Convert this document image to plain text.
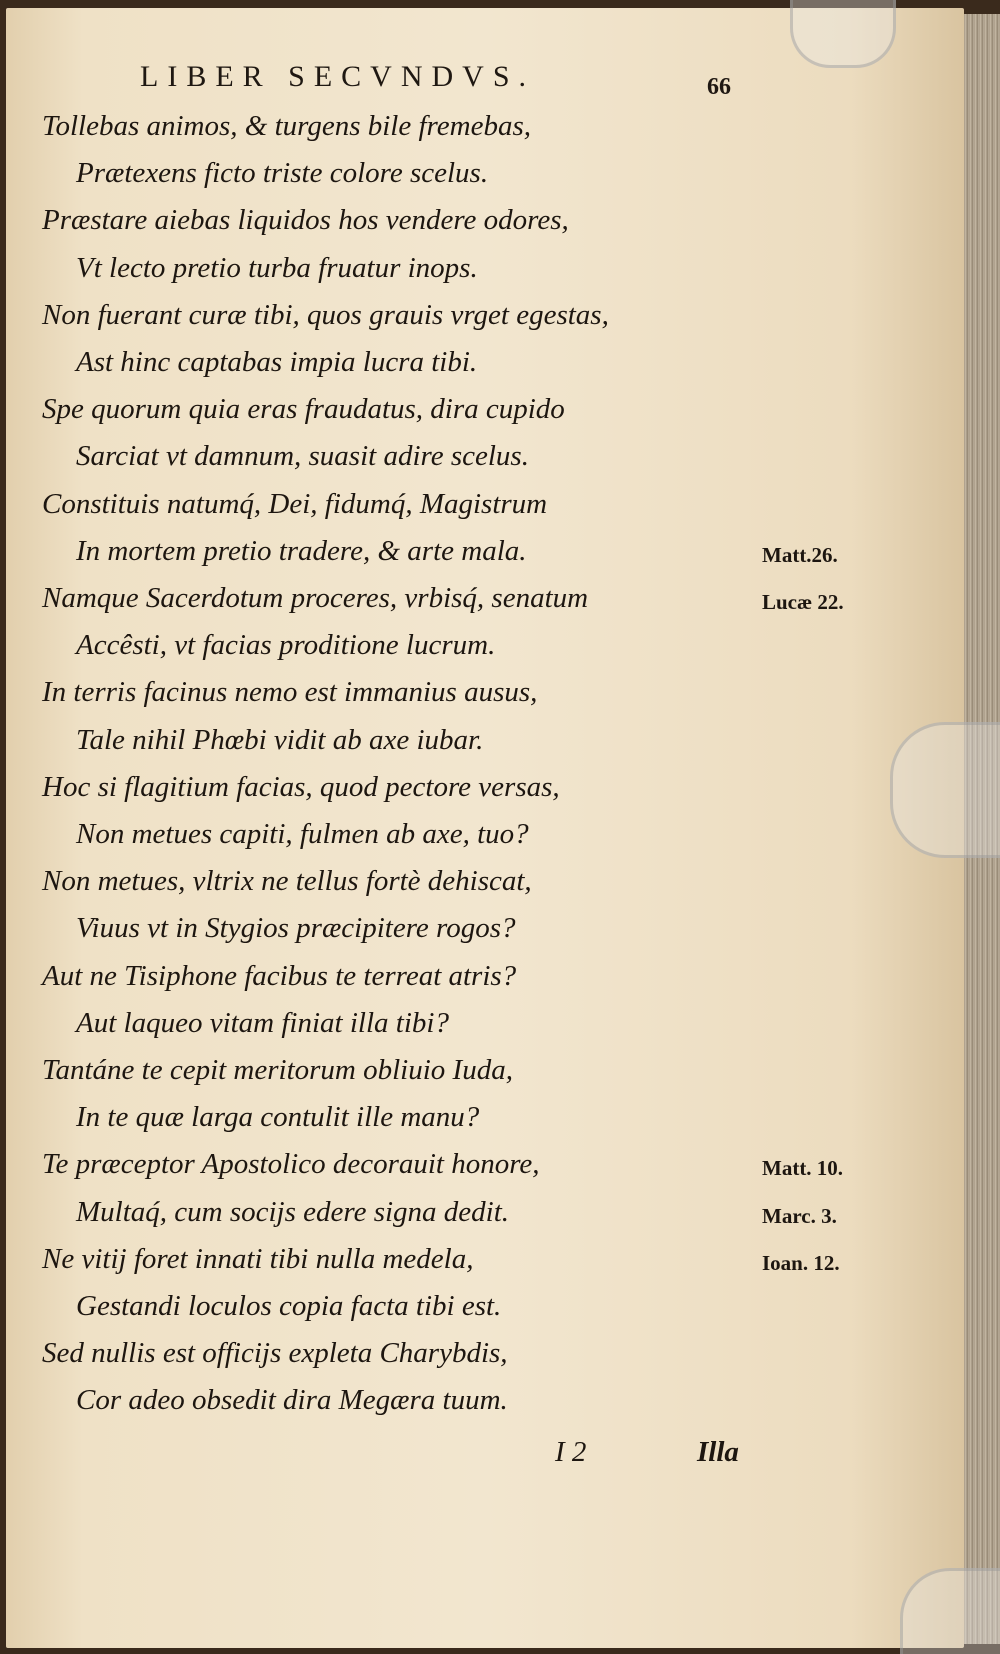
LIBER SECVNDVS.	66
Tollebas animos, & turgens bile fremebas,
Prætexens ficto triste colore scelus.
Præstare aiebas liquidos hos vendere odores,
Vt lecto pretio turba fruatur inops.
Non fuerant curæ tibi, quos grauis vrget egestas,
Ast hinc captabas impia lucra tibi.
Spe quorum quia eras fraudatus, dira cupido
Sarciat vt damnum, suasit adire scelus.
Constituis natumq́, Dei, fidumq́, Magistrum
In mortem pretio tradere, & arte mala.
Namque Sacerdotum proceres, vrbisq́, senatum
Accêsti, vt facias proditione lucrum.
In terris facinus nemo est immanius ausus,
Tale nihil Phœbi vidit ab axe iubar.
Hoc si flagitium facias, quod pectore versas,
Non metues capiti, fulmen ab axe, tuo?
Non metues, vltrix ne tellus fortè dehiscat,
Viuus vt in Stygios præcipitere rogos?
Aut ne Tisiphone facibus te terreat atris?
Aut laqueo vitam finiat illa tibi?
Tantáne te cepit meritorum obliuio Iuda,
In te quæ larga contulit ille manu?
Te præceptor Apostolico decorauit honore,
Multaq́, cum socijs edere signa dedit.
Ne vitij foret innati tibi nulla medela,
Gestandi loculos copia facta tibi est.
Sed nullis est officijs expleta Charybdis,
Cor adeo obsedit dira Megæra tuum.
Matt.26.
Lucæ 22.
Matt. 10.
Marc. 3.
Ioan. 12.
I 2	Illa
